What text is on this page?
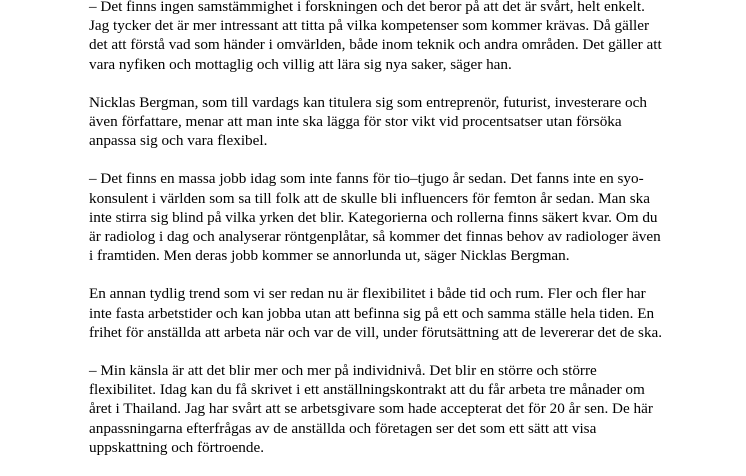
– Det finns ingen samstämmighet i forskningen och det beror på att det är svårt, helt enkelt.
Jag tycker det är mer intressant att titta på vilka kompetenser som kommer krävas. Då gäller
det att förstå vad som händer i omvärlden, både inom teknik och andra områden. Det gäller att
vara nyfiken och mottaglig och villig att lära sig nya saker, säger han.

Nicklas Bergman, som till vardags kan titulera sig som entreprenör, futurist, investerare och
även författare, menar att man inte ska lägga för stor vikt vid procentsatser utan försöka
anpassa sig och vara flexibel.

– Det finns en massa jobb idag som inte fanns för tio–tjugo år sedan. Det fanns inte en syo-
konsulent i världen som sa till folk att de skulle bli influencers för femton år sedan. Man ska
inte stirra sig blind på vilka yrken det blir. Kategorierna och rollerna finns säkert kvar. Om du
är radiolog i dag och analyserar röntgenplåtar, så kommer det finnas behov av radiologer även
i framtiden. Men deras jobb kommer se annorlunda ut, säger Nicklas Bergman.

En annan tydlig trend som vi ser redan nu är flexibilitet i både tid och rum. Fler och fler har
inte fasta arbetstider och kan jobba utan att befinna sig på ett och samma ställe hela tiden. En
frihet för anställda att arbeta när och var de vill, under förutsättning att de levererar det de ska.

– Min känsla är att det blir mer och mer på individnivå. Det blir en större och större
flexibilitet. Idag kan du få skrivet i ett anställningskontrakt att du får arbeta tre månader om
året i Thailand. Jag har svårt att se arbetsgivare som hade accepterat det för 20 år sen. De här
anpassningarna efterfrågas av de anställda och företagen ser det som ett sätt att visa
uppskattning och förtroende.
